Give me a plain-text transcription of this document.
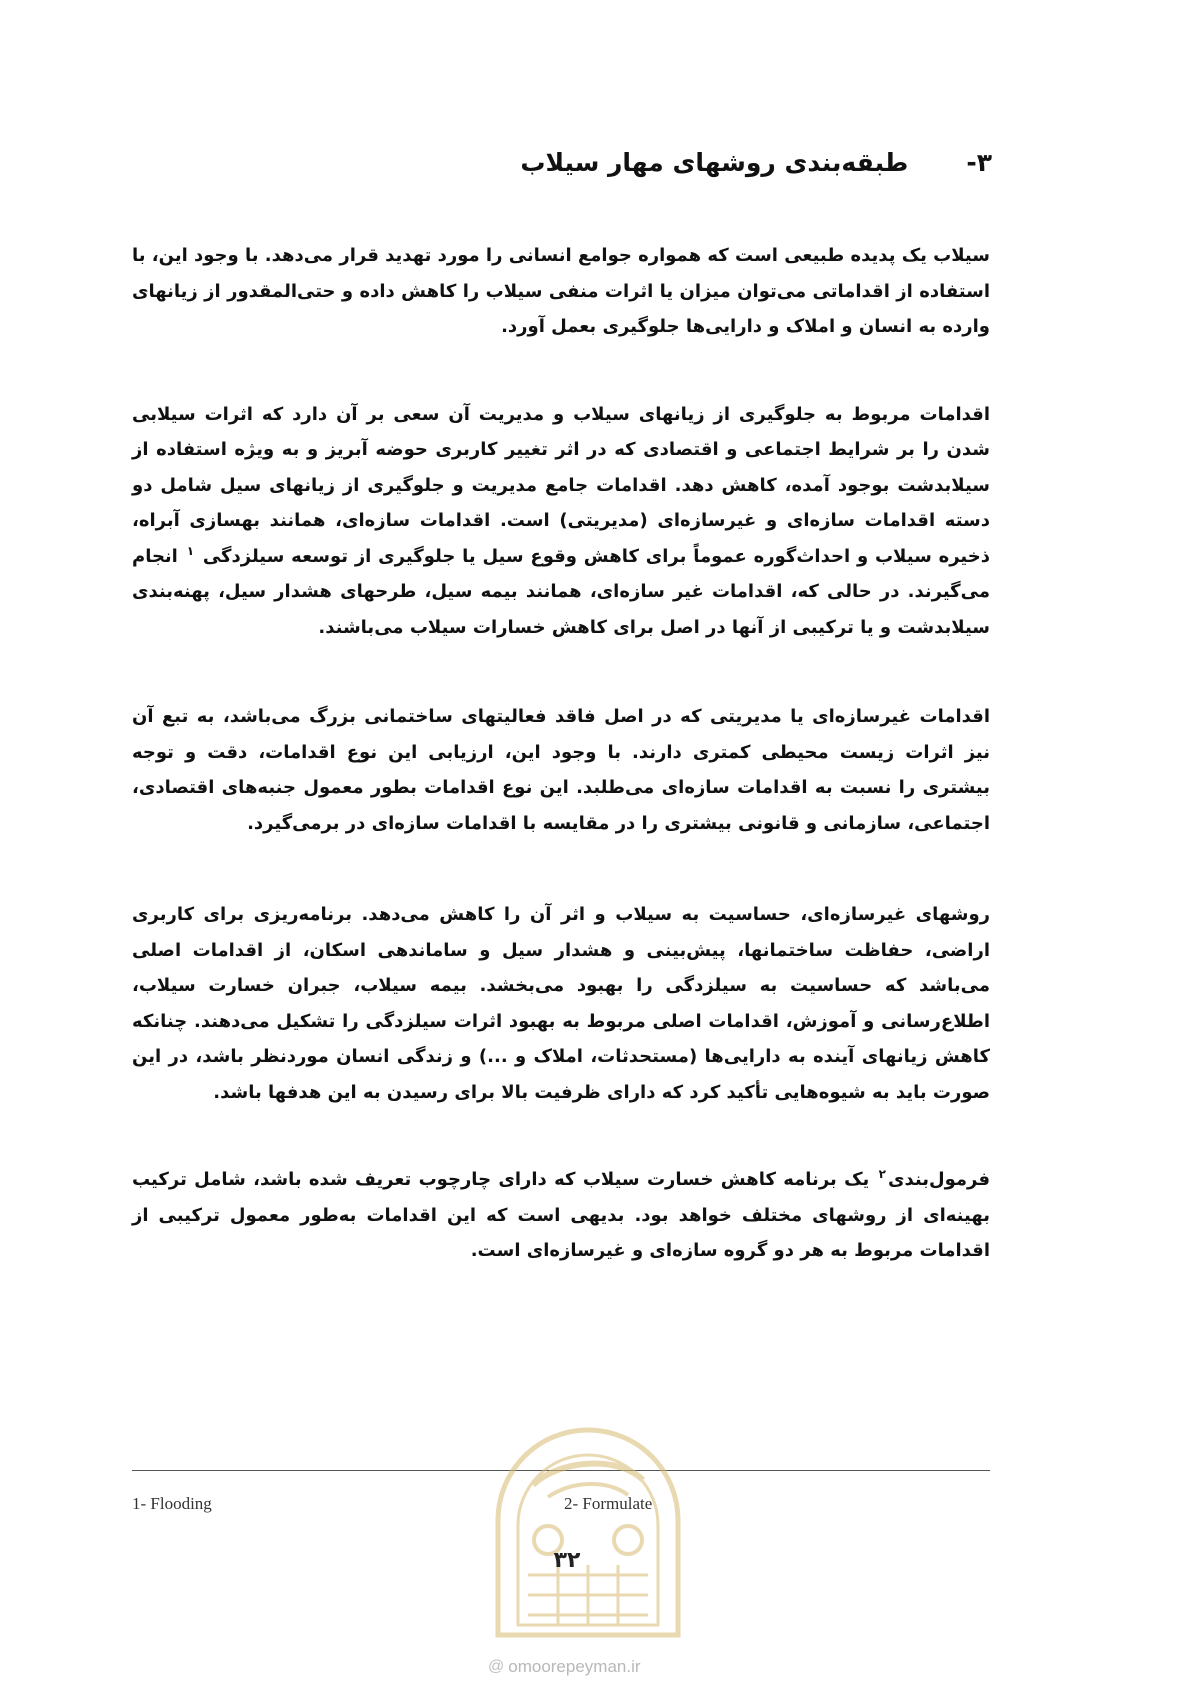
۳-
طبقه‌بندی روشهای مهار سیلاب

سیلاب یک پدیده طبیعی است که همواره جوامع انسانی را مورد تهدید قرار می‌دهد. با وجود این، با استفاده از اقداماتی می‌توان میزان یا اثرات منفی سیلاب را کاهش داده و حتی‌المقدور از زیانهای وارده به انسان و املاک و دارایی‌ها جلوگیری بعمل آورد.

اقدامات مربوط به جلوگیری از زیانهای سیلاب و مدیریت آن سعی بر آن دارد که اثرات سیلابی شدن را بر شرایط اجتماعی و اقتصادی که در اثر تغییر کاربری حوضه آبریز و به ویژه استفاده از سیلابدشت بوجود آمده، کاهش دهد. اقدامات جامع مدیریت و جلوگیری از زیانهای سیل شامل دو دسته اقدامات سازه‌ای و غیرسازه‌ای (مدیریتی) است. اقدامات سازه‌ای، همانند بهسازی آبراه، ذخیره سیلاب و احداث‌گوره عموماً برای کاهش وقوع سیل یا جلوگیری از توسعه سیلزدگی $^۱$ انجام می‌گیرند. در حالی که، اقدامات غیر سازه‌ای، همانند بیمه سیل، طرحهای هشدار سیل، پهنه‌بندی سیلابدشت و یا ترکیبی از آنها در اصل برای کاهش خسارات سیلاب می‌باشند.

اقدامات غیرسازه‌ای یا مدیریتی که در اصل فاقد فعالیتهای ساختمانی بزرگ می‌باشد، به تبع آن نیز اثرات زیست محیطی کمتری دارند. با وجود این، ارزیابی این نوع اقدامات، دقت و توجه بیشتری را نسبت به اقدامات سازه‌ای می‌طلبد. این نوع اقدامات بطور معمول جنبه‌های اقتصادی، اجتماعی، سازمانی و قانونی بیشتری را در مقایسه با اقدامات سازه‌ای در برمی‌گیرد.

روشهای غیرسازه‌ای، حساسیت به سیلاب و اثر آن را کاهش می‌دهد. برنامه‌ریزی برای کاربری اراضی، حفاظت ساختمانها، پیش‌بینی و هشدار سیل و ساماندهی اسکان، از اقدامات اصلی می‌باشد که حساسیت به سیلزدگی را بهبود می‌بخشد. بیمه سیلاب، جبران خسارت سیلاب، اطلاع‌رسانی و آموزش، اقدامات اصلی مربوط به بهبود اثرات سیلزدگی را تشکیل می‌دهند. چنانکه کاهش زیانهای آینده به دارایی‌ها (مستحدثات، املاک و ...) و زندگی انسان موردنظر باشد، در این صورت باید به شیوه‌هایی تأکید کرد که دارای ظرفیت بالا برای رسیدن به این هدفها باشد.

فرمول‌بندی$^۲$ یک برنامه کاهش خسارت سیلاب که دارای چارچوب تعریف شده باشد، شامل ترکیب بهینه‌ای از روشهای مختلف خواهد بود. بدیهی است که این اقدامات به‌طور معمول ترکیبی از اقدامات مربوط به هر دو گروه سازه‌ای و غیرسازه‌ای است.

1- Flooding	2- Formulate
۳۲
@ omoorepeyman.ir
